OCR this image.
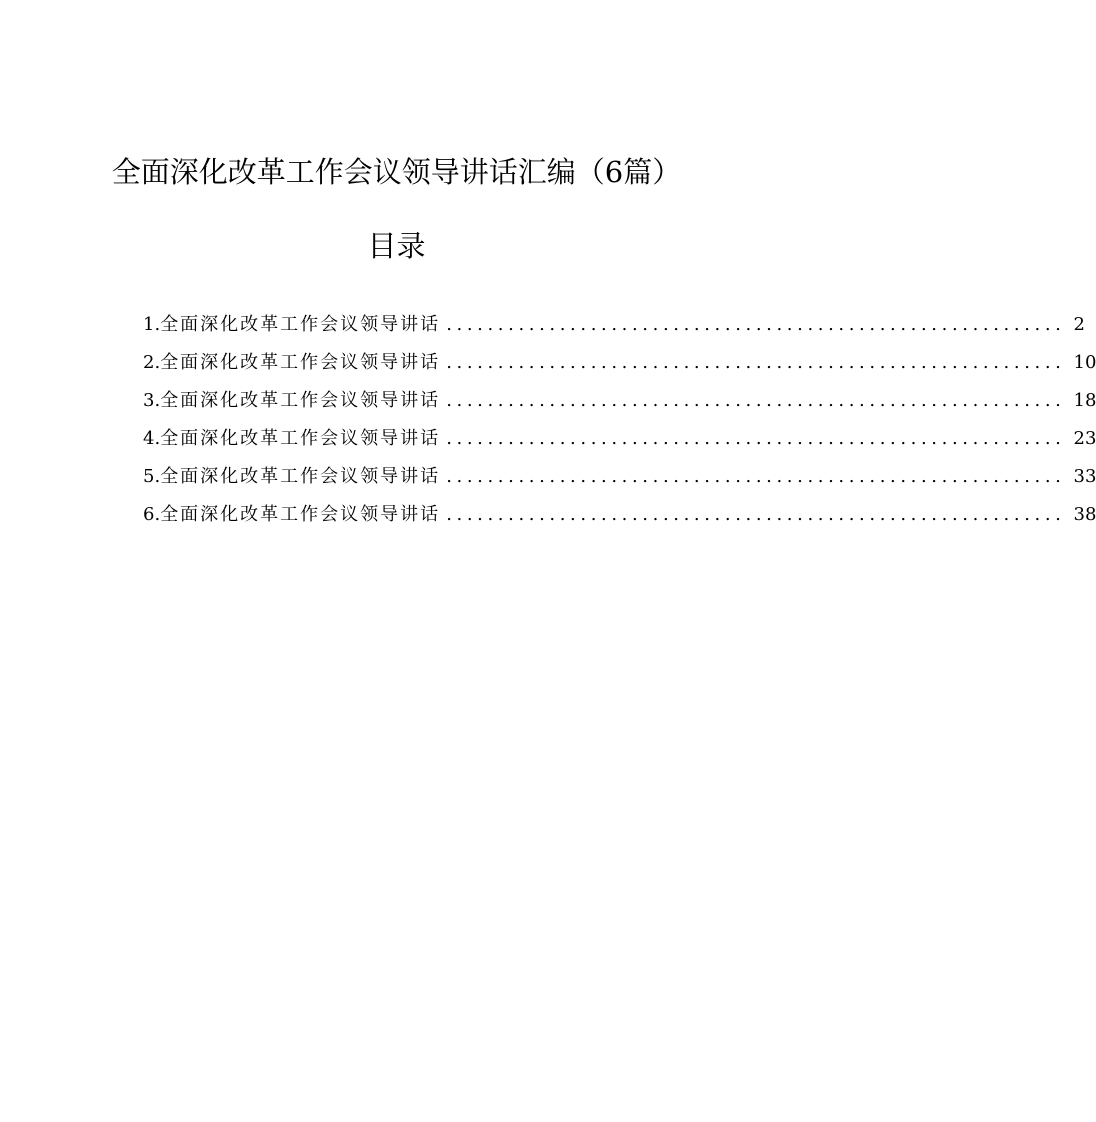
全面深化改革工作会议领导讲话汇编（6篇）
目录
1. 全面深化改革工作会议领导讲话 ............................................................ 2
2. 全面深化改革工作会议领导讲话 ............................................................ 10
3. 全面深化改革工作会议领导讲话 ............................................................ 18
4. 全面深化改革工作会议领导讲话 ............................................................ 23
5. 全面深化改革工作会议领导讲话 ............................................................ 33
6. 全面深化改革工作会议领导讲话 ............................................................ 38
